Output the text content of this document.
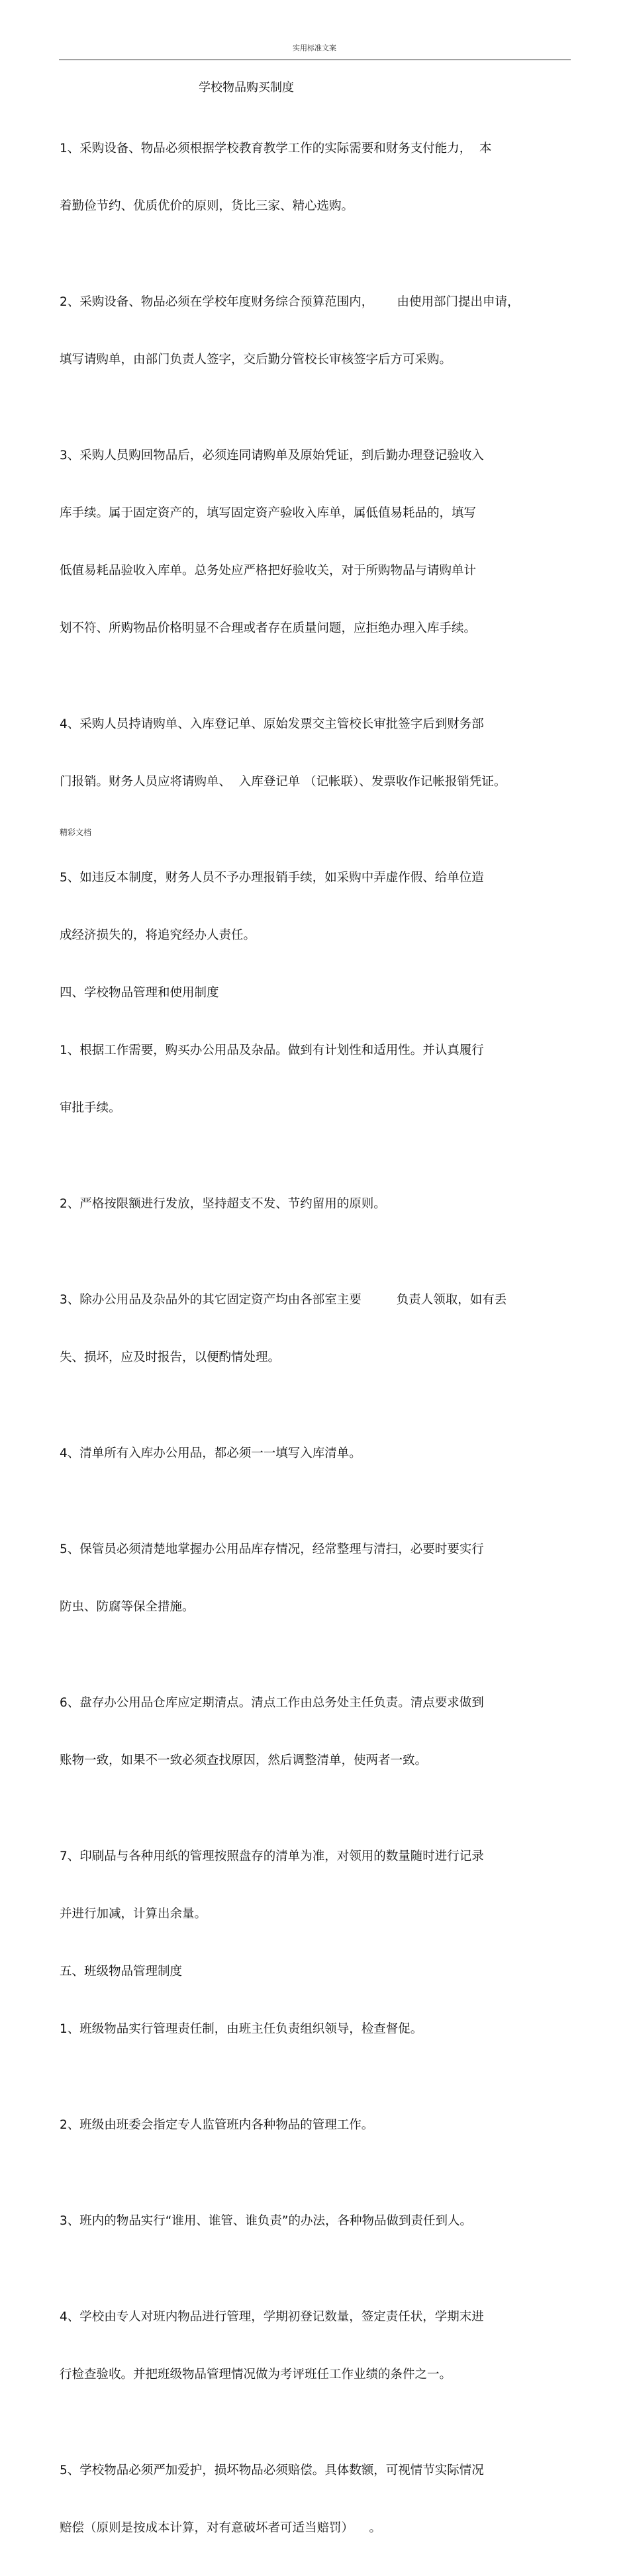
实用标准文案
学校物品购买制度

1、采购设备、物品必须根据学校教育教学工作的实际需要和财务支付能力，  本

着勤俭节约、优质优价的原则，货比三家、精心选购。

2、采购设备、物品必须在学校年度财务综合预算范围内，      由使用部门提出申请，

填写请购单，由部门负责人签字，交后勤分管校长审核签字后方可采购。

3、采购人员购回物品后，必须连同请购单及原始凭证，到后勤办理登记验收入

库手续。属于固定资产的，填写固定资产验收入库单，属低值易耗品的，填写

低值易耗品验收入库单。总务处应严格把好验收关，对于所购物品与请购单计

划不符、所购物品价格明显不合理或者存在质量问题，应拒绝办理入库手续。

4、采购人员持请购单、入库登记单、原始发票交主管校长审批签字后到财务部

门报销。财务人员应将请购单、  入库登记单 （记帐联）、发票收作记帐报销凭证。

5、如违反本制度，财务人员不予办理报销手续，如采购中弄虚作假、给单位造

成经济损失的，将追究经办人责任。

四、学校物品管理和使用制度

1、根据工作需要，购买办公用品及杂品。做到有计划性和适用性。并认真履行

审批手续。

2、严格按限额进行发放，坚持超支不发、节约留用的原则。

3、除办公用品及杂品外的其它固定资产均由各部室主要         负责人领取，如有丢

失、损坏，应及时报告，以便酌情处理。

4、清单所有入库办公用品，都必须一一填写入库清单。

5、保管员必须清楚地掌握办公用品库存情况，经常整理与清扫，必要时要实行

防虫、防腐等保全措施。

6、盘存办公用品仓库应定期清点。清点工作由总务处主任负责。清点要求做到

账物一致，如果不一致必须查找原因，然后调整清单，使两者一致。

7、印刷品与各种用纸的管理按照盘存的清单为准，对领用的数量随时进行记录

并进行加减，计算出余量。

五、班级物品管理制度

1、班级物品实行管理责任制，由班主任负责组织领导，检查督促。

2、班级由班委会指定专人监管班内各种物品的管理工作。

3、班内的物品实行“谁用、谁管、谁负责”的办法，各种物品做到责任到人。

4、学校由专人对班内物品进行管理，学期初登记数量，签定责任状，学期末进

行检查验收。并把班级物品管理情况做为考评班任工作业绩的条件之一。

5、学校物品必须严加爱护，损坏物品必须赔偿。具体数额，可视情节实际情况

赔偿（原则是按成本计算，对有意破坏者可适当赔罚）    。

精彩文档
